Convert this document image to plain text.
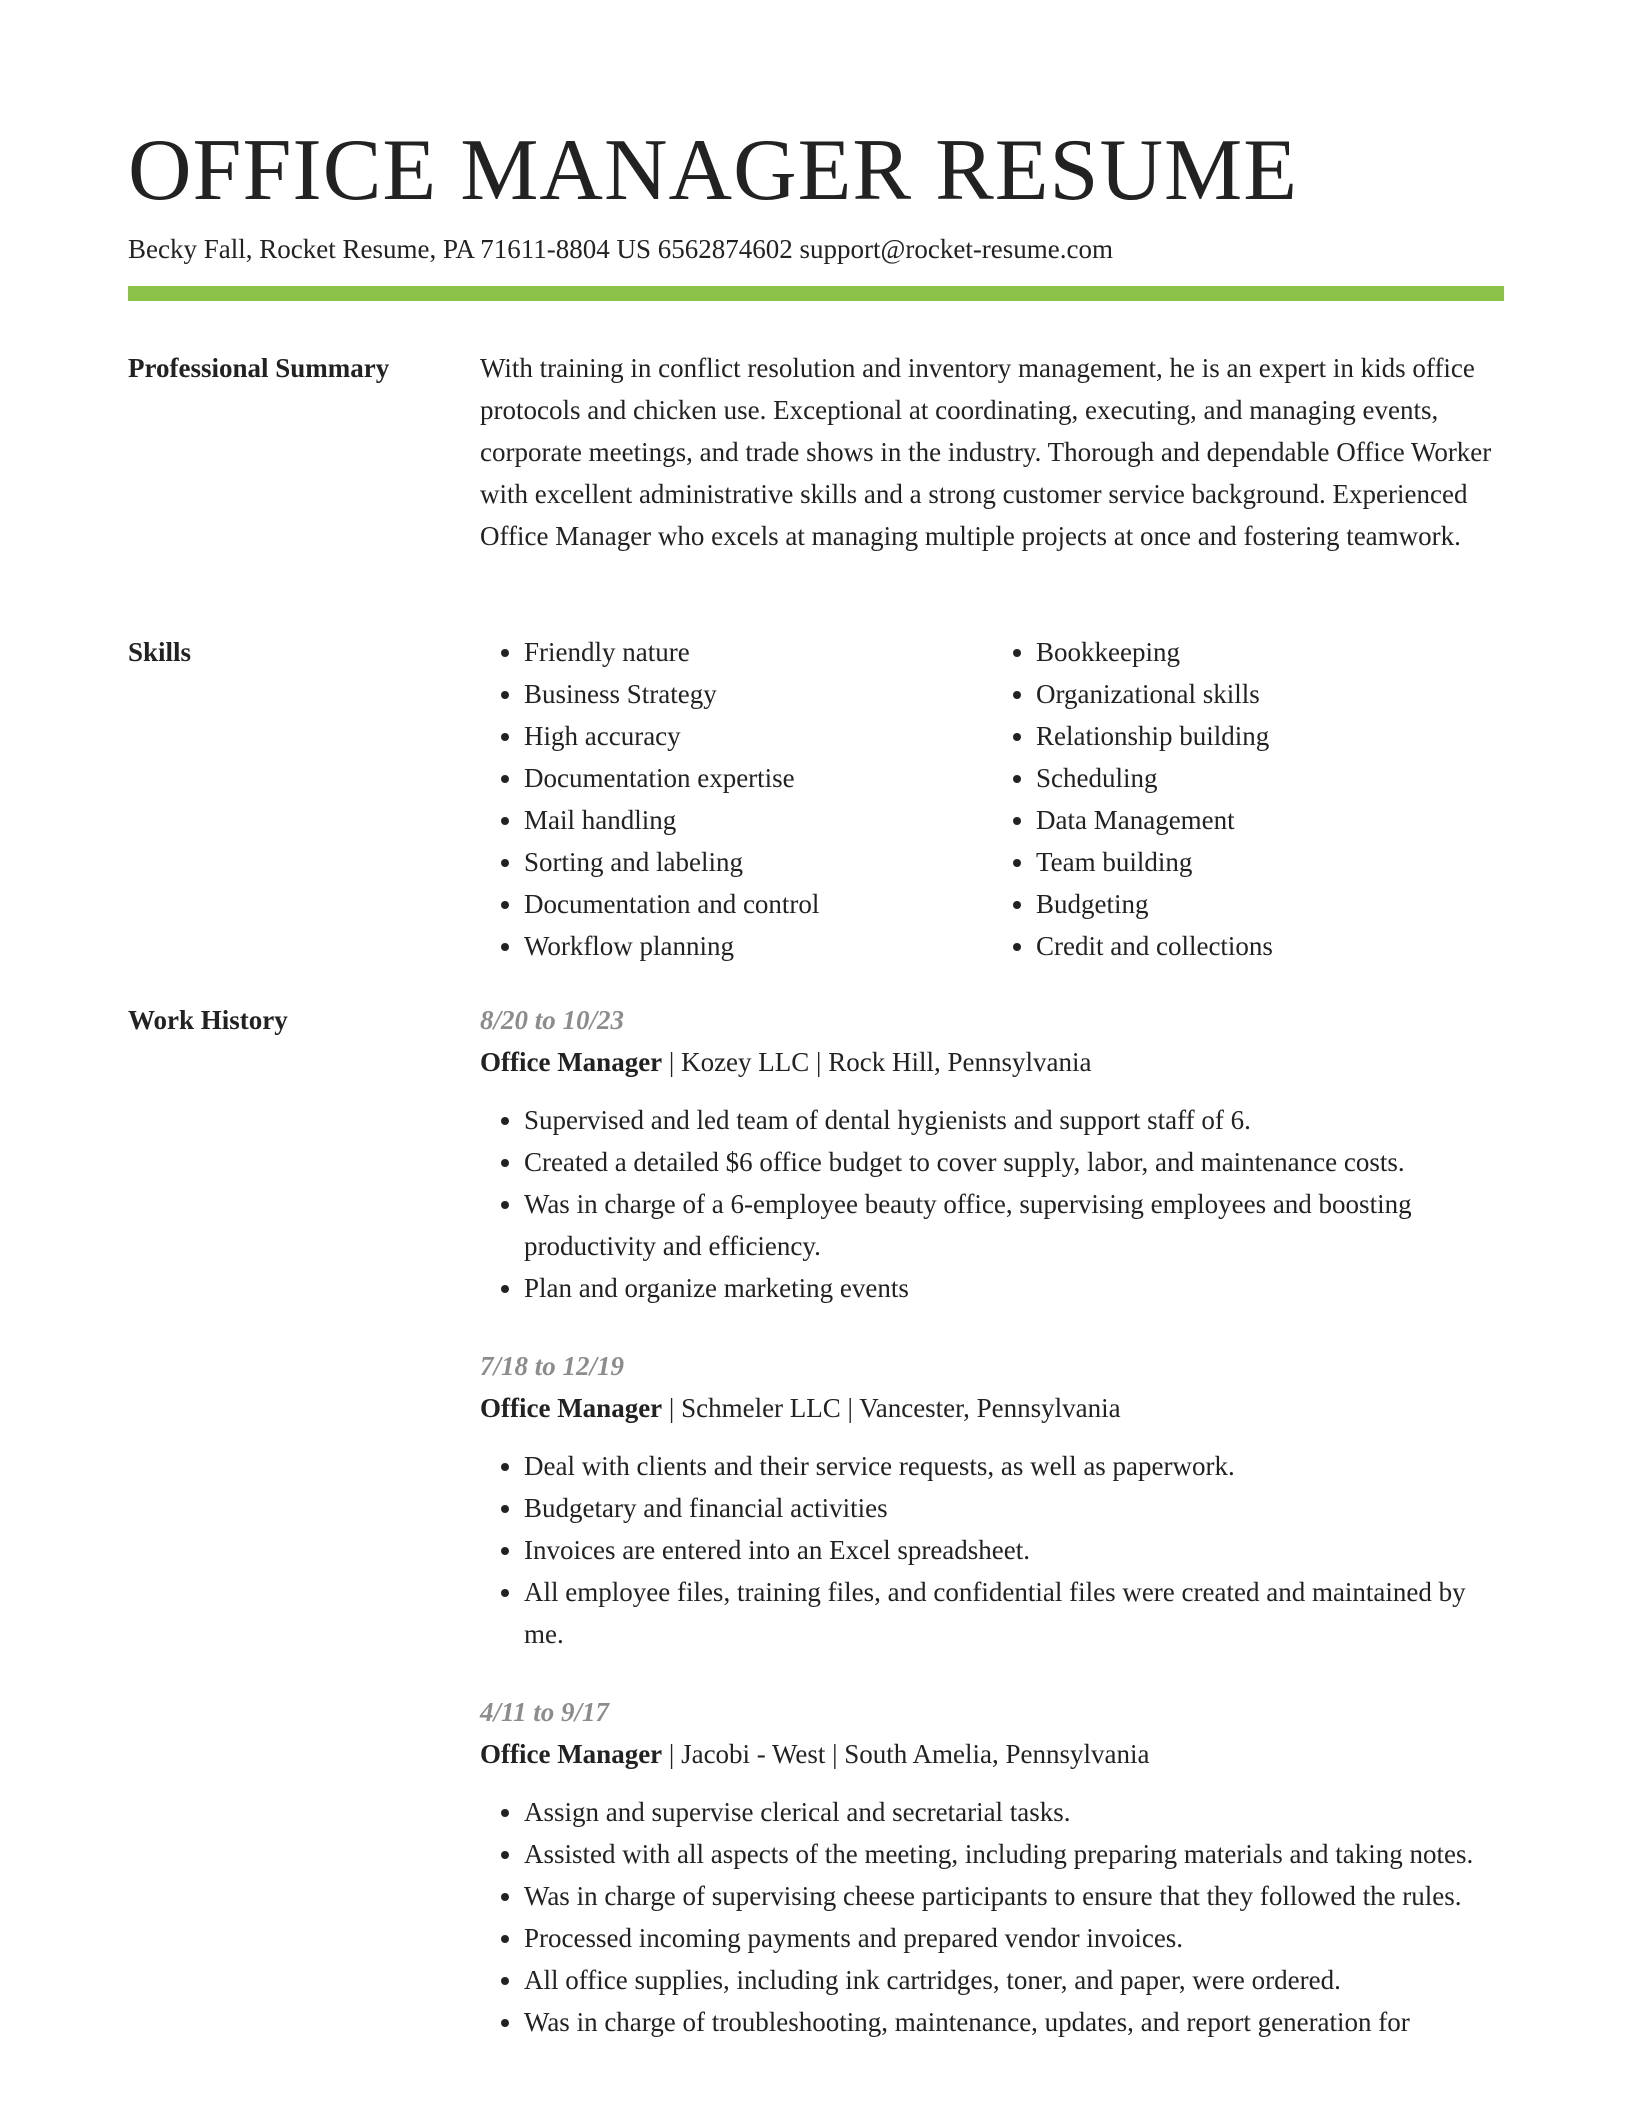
OFFICE MANAGER RESUME
Becky Fall, Rocket Resume, PA 71611-8804 US 6562874602 support@rocket-resume.com
Professional Summary	With training in conflict resolution and inventory management, he is an expert in kids office protocols and chicken use. Exceptional at coordinating, executing, and managing events, corporate meetings, and trade shows in the industry. Thorough and dependable Office Worker with excellent administrative skills and a strong customer service background. Experienced Office Manager who excels at managing multiple projects at once and fostering teamwork.

Skills
•	Friendly nature
• Business Strategy
• High accuracy
• Documentation expertise
• Mail handling
• Sorting and labeling
• Documentation and control
• Workflow planning
• Bookkeeping
• Organizational skills
• Relationship building
• Scheduling
• Data Management
• Team building
• Budgeting
• Credit and collections
Work History	8/20 to 10/23
Office Manager | Kozey LLC | Rock Hill, Pennsylvania
• Supervised and led team of dental hygienists and support staff of 6.
• Created a detailed $6 office budget to cover supply, labor, and maintenance costs.
• Was in charge of a 6-employee beauty office, supervising employees and boosting productivity and efficiency.
• Plan and organize marketing events
7/18 to 12/19
Office Manager | Schmeler LLC | Vancester, Pennsylvania
• Deal with clients and their service requests, as well as paperwork.
• Budgetary and financial activities
• Invoices are entered into an Excel spreadsheet.
• All employee files, training files, and confidential files were created and maintained by me.
4/11 to 9/17
Office Manager | Jacobi - West | South Amelia, Pennsylvania
• Assign and supervise clerical and secretarial tasks.
• Assisted with all aspects of the meeting, including preparing materials and taking notes.
• Was in charge of supervising cheese participants to ensure that they followed the rules.
• Processed incoming payments and prepared vendor invoices.
• All office supplies, including ink cartridges, toner, and paper, were ordered.
• Was in charge of troubleshooting, maintenance, updates, and report generation for
